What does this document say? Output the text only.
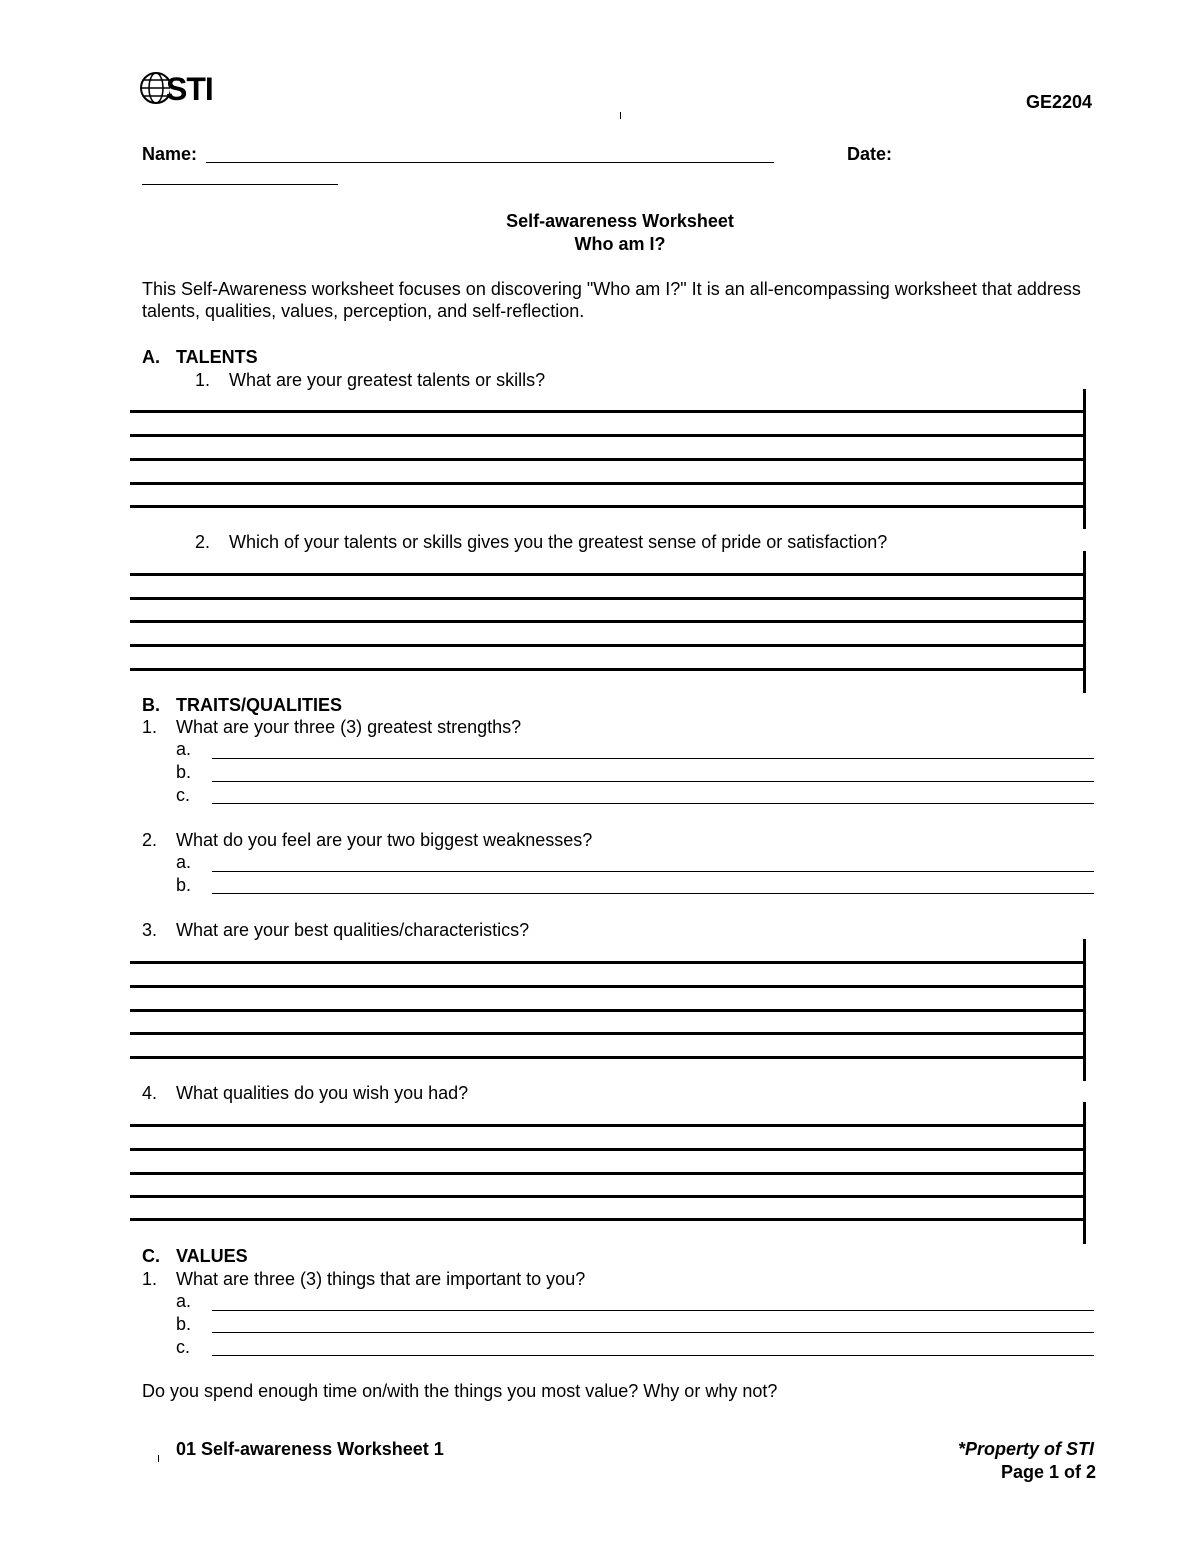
STI	GE2204
Name:	Date:
Self-awareness Worksheet
Who am I?
This Self-Awareness worksheet focuses on discovering "Who am I?" It is an all-encompassing worksheet that address talents, qualities, values, perception, and self-reflection.
A. TALENTS
1. What are your greatest talents or skills?
2. Which of your talents or skills gives you the greatest sense of pride or satisfaction?
B. TRAITS/QUALITIES
1. What are your three (3) greatest strengths?
a.
b.
c.
2. What do you feel are your two biggest weaknesses?
a.
b.
3. What are your best qualities/characteristics?
4. What qualities do you wish you had?
C. VALUES
1. What are three (3) things that are important to you?
a.
b.
c.
Do you spend enough time on/with the things you most value? Why or why not?
01 Self-awareness Worksheet 1	*Property of STI
Page 1 of 2
